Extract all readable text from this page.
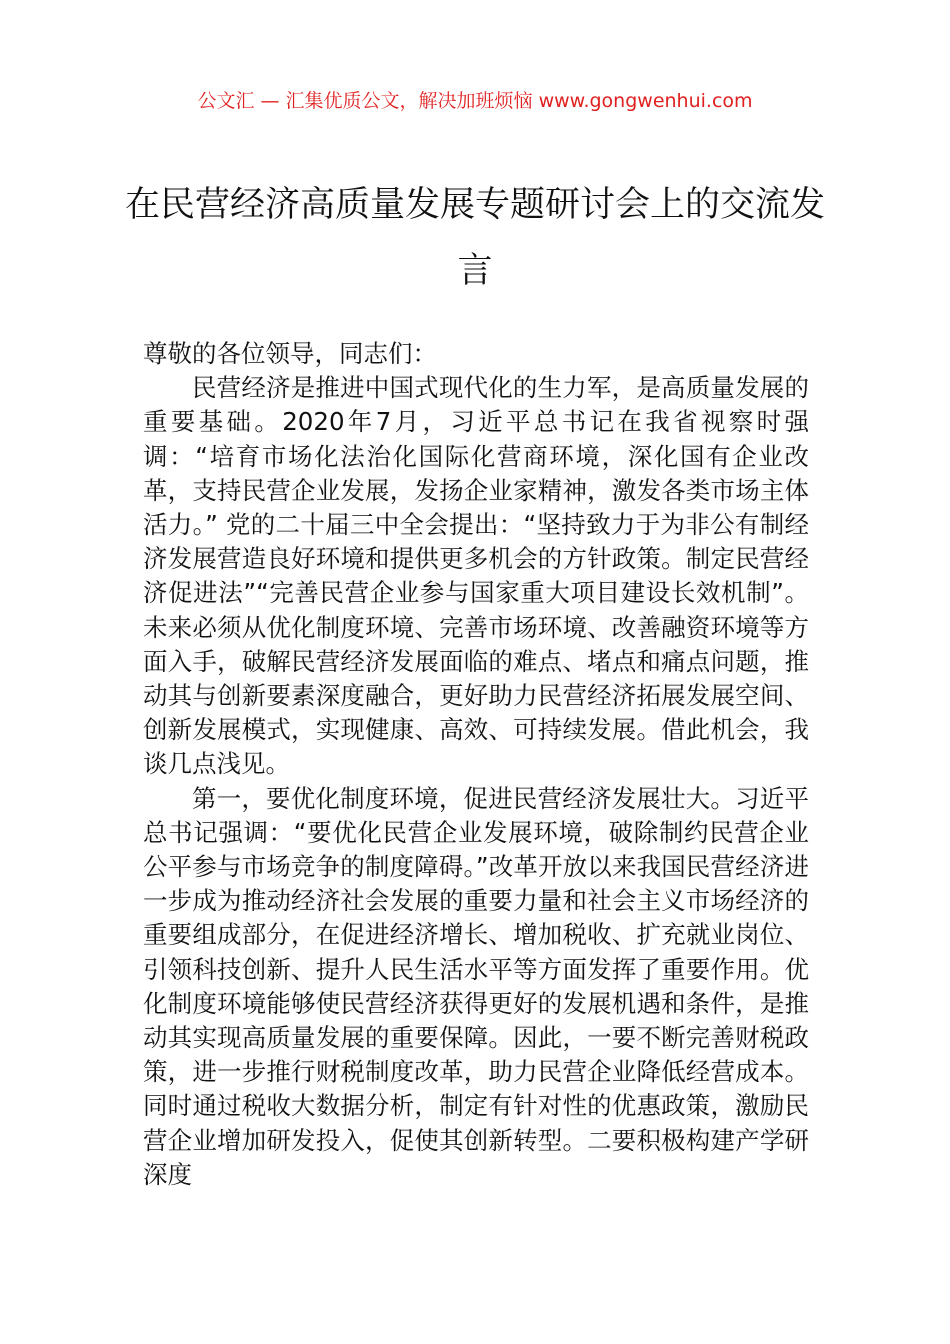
公文汇 — 汇集优质公文，解决加班烦恼 www.gongwenhui.com
在民营经济高质量发展专题研讨会上的交流发言

尊敬的各位领导，同志们：

民营经济是推进中国式现代化的生力军，是高质量发展的重要基础。2020年7月，习近平总书记在我省视察时强调：“培育市场化法治化国际化营商环境，深化国有企业改革，支持民营企业发展，发扬企业家精神，激发各类市场主体活力。” 党的二十届三中全会提出：“坚持致力于为非公有制经济发展营造良好环境和提供更多机会的方针政策。制定民营经济促进法”“完善民营企业参与国家重大项目建设长效机制”。未来必须从优化制度环境、完善市场环境、改善融资环境等方面入手，破解民营经济发展面临的难点、堵点和痛点问题，推动其与创新要素深度融合，更好助力民营经济拓展发展空间、创新发展模式，实现健康、高效、可持续发展。借此机会，我谈几点浅见。

第一，要优化制度环境，促进民营经济发展壮大。习近平总书记强调：“要优化民营企业发展环境，破除制约民营企业公平参与市场竞争的制度障碍。”改革开放以来我国民营经济进一步成为推动经济社会发展的重要力量和社会主义市场经济的重要组成部分，在促进经济增长、增加税收、扩充就业岗位、引领科技创新、提升人民生活水平等方面发挥了重要作用。优化制度环境能够使民营经济获得更好的发展机遇和条件，是推动其实现高质量发展的重要保障。因此，一要不断完善财税政策，进一步推行财税制度改革，助力民营企业降低经营成本。同时通过税收大数据分析，制定有针对性的优惠政策，激励民营企业增加研发投入，促使其创新转型。二要积极构建产学研深度
